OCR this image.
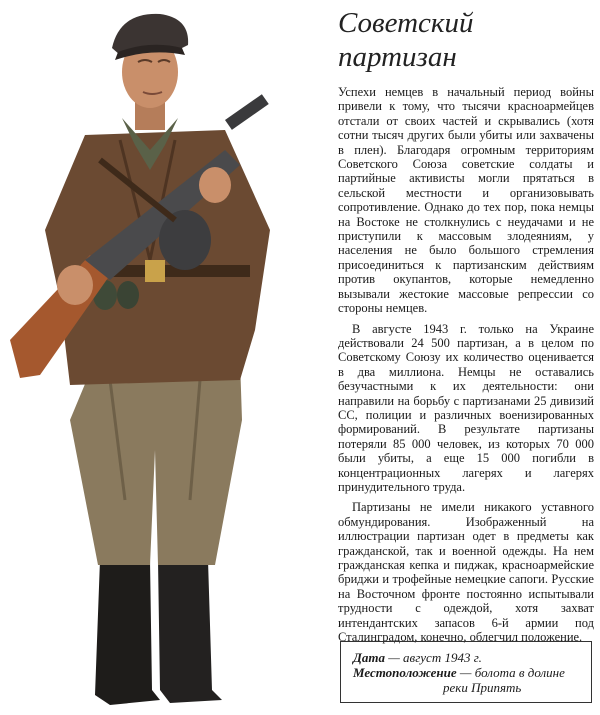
Советский
партизан

Успехи немцев в начальный период войны привели к тому, что тысячи красноармейцев отстали от своих частей и скрывались (хотя сотни тысяч других были убиты или захвачены в плен). Благодаря огромным территориям Советского Союза советские солдаты и партийные активисты могли прятаться в сельской местности и организовывать сопротивление. Однако до тех пор, пока немцы на Востоке не столкнулись с неудачами и не приступили к массовым злодеяниям, у населения не было большого стремления присоединиться к партизанским действиям против окупантов, которые немедленно вызывали жестокие массовые репрессии со стороны немцев.

В августе 1943 г. только на Украине действовали 24 500 партизан, а в целом по Советскому Союзу их количество оценивается в два миллиона. Немцы не оставались безучастными к их деятельности: они направили на борьбу с партизанами 25 дивизий СС, полиции и различных военизированных формирований. В результате партизаны потеряли 85 000 человек, из которых 70 000 были убиты, а еще 15 000 погибли в концентрационных лагерях и лагерях принудительного труда.

Партизаны не имели никакого уставного обмундирования. Изображенный на иллюстрации партизан одет в предметы как гражданской, так и военной одежды. На нем гражданская кепка и пиджак, красноармейские бриджи и трофейные немецкие сапоги. Русские на Восточном фронте постоянно испытывали трудности с одеждой, хотя захват интендантских запасов 6-й армии под Сталинградом, конечно, облегчил положение.

Дата — август 1943 г.
Местоположение — болота в долине
реки Припять
